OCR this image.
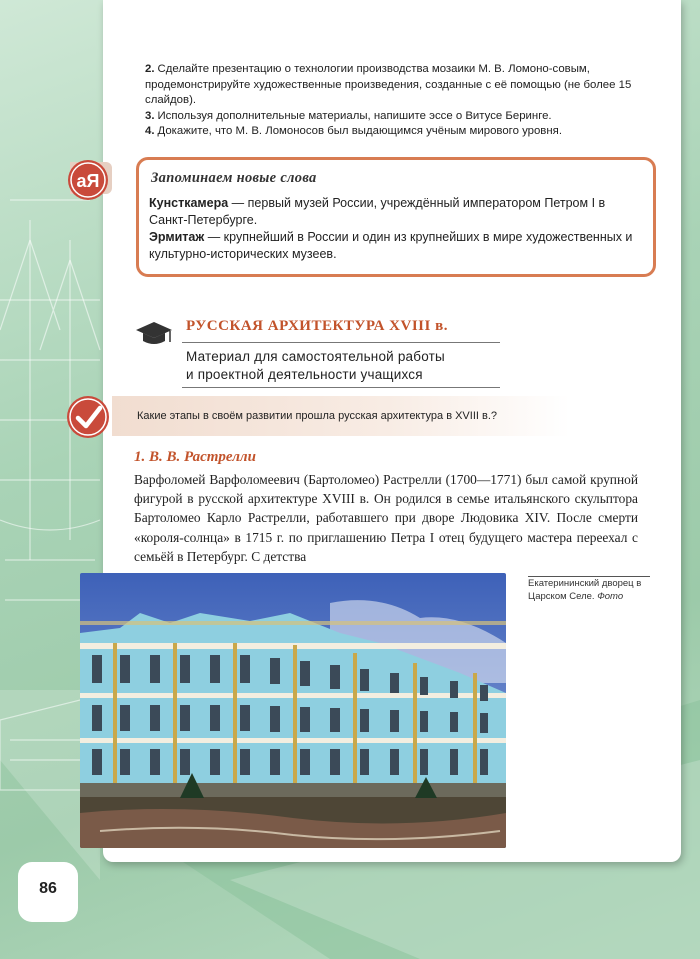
2. Сделайте презентацию о технологии производства мозаики М. В. Ломоно-совым, продемонстрируйте художественные произведения, созданные с её помощью (не более 15 слайдов).

3. Используя дополнительные материалы, напишите эссе о Витусе Беринге.

4. Докажите, что М. В. Ломоносов был выдающимся учёным мирового уровня.

Запоминаем новые слова

Кунсткамера — первый музей России, учреждённый императором Петром I в Санкт-Петербурге.

Эрмитаж — крупнейший в России и один из крупнейших в мире художественных и культурно-исторических музеев.

аЯ
РУССКАЯ АРХИТЕКТУРА XVIII в.
Материал для самостоятельной работы
и проектной деятельности учащихся
Какие этапы в своём развитии прошла русская архитектура в XVIII в.?
1. В. В. Растрелли
Варфоломей Варфоломеевич (Бартоломео) Растрелли (1700—1771) был самой крупной фигурой в русской архитектуре XVIII в. Он родился в семье итальянского скульптора Бартоломео Карло Растрелли, работавшего при дворе Людовика XIV. После смерти «короля-солнца» в 1715 г. по приглашению Петра I отец будущего мастера переехал с семьёй в Петербург. С детства
Екатерининский дворец в Царском Селе. Фото
86
